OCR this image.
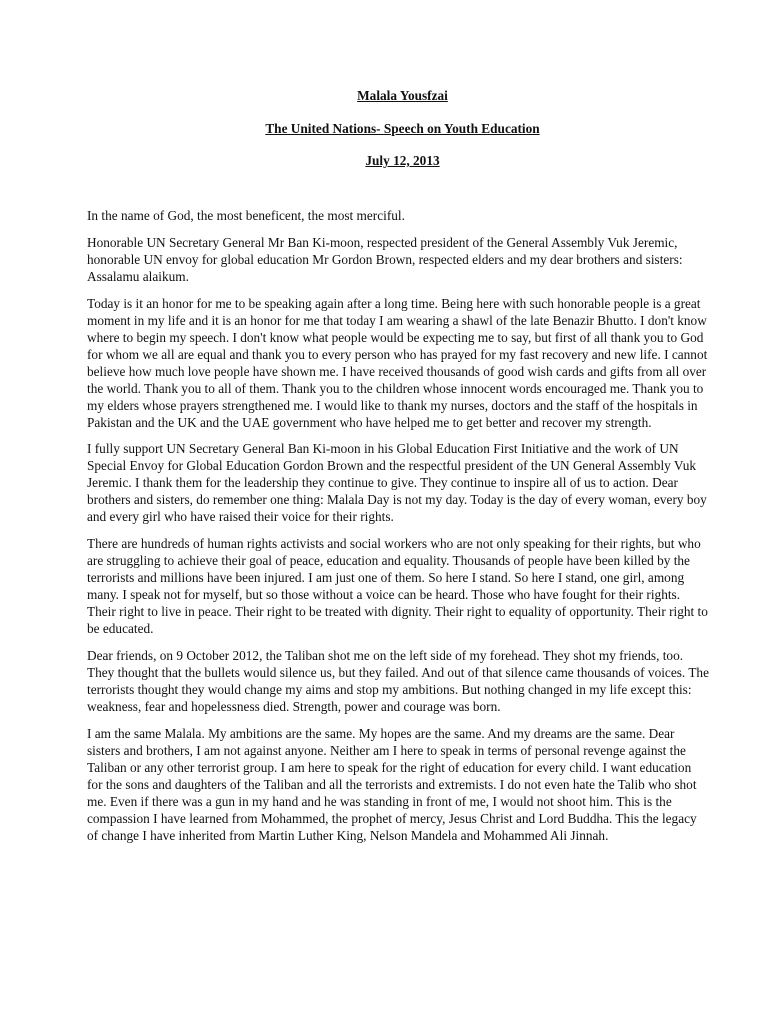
Malala Yousfzai
The United Nations- Speech on Youth Education
July 12, 2013

In the name of God, the most beneficent, the most merciful.

Honorable UN Secretary General Mr Ban Ki-moon, respected president of the General Assembly Vuk Jeremic, honorable UN envoy for global education Mr Gordon Brown, respected elders and my dear brothers and sisters: Assalamu alaikum.

Today is it an honor for me to be speaking again after a long time. Being here with such honorable people is a great moment in my life and it is an honor for me that today I am wearing a shawl of the late Benazir Bhutto. I don't know where to begin my speech. I don't know what people would be expecting me to say, but first of all thank you to God for whom we all are equal and thank you to every person who has prayed for my fast recovery and new life. I cannot believe how much love people have shown me. I have received thousands of good wish cards and gifts from all over the world. Thank you to all of them. Thank you to the children whose innocent words encouraged me. Thank you to my elders whose prayers strengthened me. I would like to thank my nurses, doctors and the staff of the hospitals in Pakistan and the UK and the UAE government who have helped me to get better and recover my strength.

I fully support UN Secretary General Ban Ki-moon in his Global Education First Initiative and the work of UN Special Envoy for Global Education Gordon Brown and the respectful president of the UN General Assembly Vuk Jeremic. I thank them for the leadership they continue to give. They continue to inspire all of us to action. Dear brothers and sisters, do remember one thing: Malala Day is not my day. Today is the day of every woman, every boy and every girl who have raised their voice for their rights.

There are hundreds of human rights activists and social workers who are not only speaking for their rights, but who are struggling to achieve their goal of peace, education and equality. Thousands of people have been killed by the terrorists and millions have been injured. I am just one of them. So here I stand. So here I stand, one girl, among many. I speak not for myself, but so those without a voice can be heard. Those who have fought for their rights. Their right to live in peace. Their right to be treated with dignity. Their right to equality of opportunity. Their right to be educated.

Dear friends, on 9 October 2012, the Taliban shot me on the left side of my forehead. They shot my friends, too. They thought that the bullets would silence us, but they failed. And out of that silence came thousands of voices. The terrorists thought they would change my aims and stop my ambitions. But nothing changed in my life except this: weakness, fear and hopelessness died. Strength, power and courage was born.

I am the same Malala. My ambitions are the same. My hopes are the same. And my dreams are the same. Dear sisters and brothers, I am not against anyone. Neither am I here to speak in terms of personal revenge against the Taliban or any other terrorist group. I am here to speak for the right of education for every child. I want education for the sons and daughters of the Taliban and all the terrorists and extremists. I do not even hate the Talib who shot me. Even if there was a gun in my hand and he was standing in front of me, I would not shoot him. This is the compassion I have learned from Mohammed, the prophet of mercy, Jesus Christ and Lord Buddha. This the legacy of change I have inherited from Martin Luther King, Nelson Mandela and Mohammed Ali Jinnah.
